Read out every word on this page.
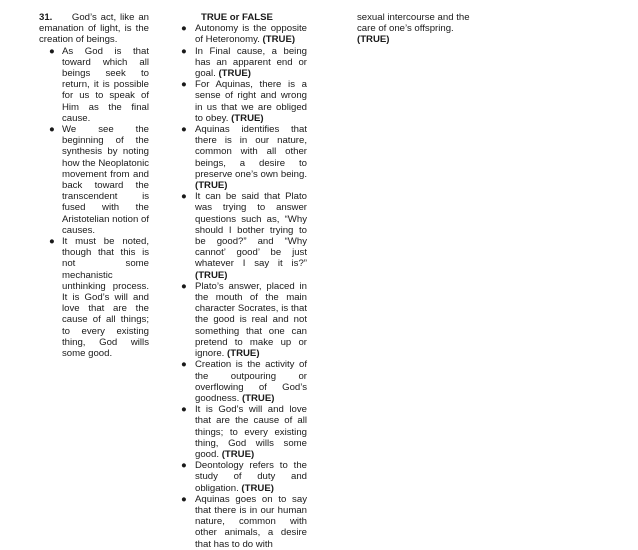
31. God’s act, like an emanation of light, is the creation of beings.
● As God is that toward which all beings seek to return, it is possible for us to speak of Him as the final cause.
● We see the beginning of the synthesis by noting how the Neoplatonic movement from and back toward the transcendent is fused with the Aristotelian notion of causes.
● It must be noted, though that this is not some mechanistic unthinking process. It is God’s will and love that are the cause of all things; to every existing thing, God wills some good.
TRUE or FALSE
● Autonomy is the opposite of Heteronomy. (TRUE)
● In Final cause, a being has an apparent end or goal. (TRUE)
● For Aquinas, there is a sense of right and wrong in us that we are obliged to obey. (TRUE)
● Aquinas identifies that there is in our nature, common with all other beings, a desire to preserve one’s own being. (TRUE)
● It can be said that Plato was trying to answer questions such as, “Why should I bother trying to be good?” and “Why cannot’ good’ be just whatever I say it is?” (TRUE)
● Plato’s answer, placed in the mouth of the main character Socrates, is that the good is real and not something that one can pretend to make up or ignore. (TRUE)
● Creation is the activity of the outpouring or overflowing of God’s goodness. (TRUE)
● It is God’s will and love that are the cause of all things; to every existing thing, God wills some good. (TRUE)
● Deontology refers to the study of duty and obligation. (TRUE)
● Aquinas goes on to say that there is in our human nature, common with other animals, a desire that has to do with
sexual intercourse and the care of one’s offspring.
(TRUE)
